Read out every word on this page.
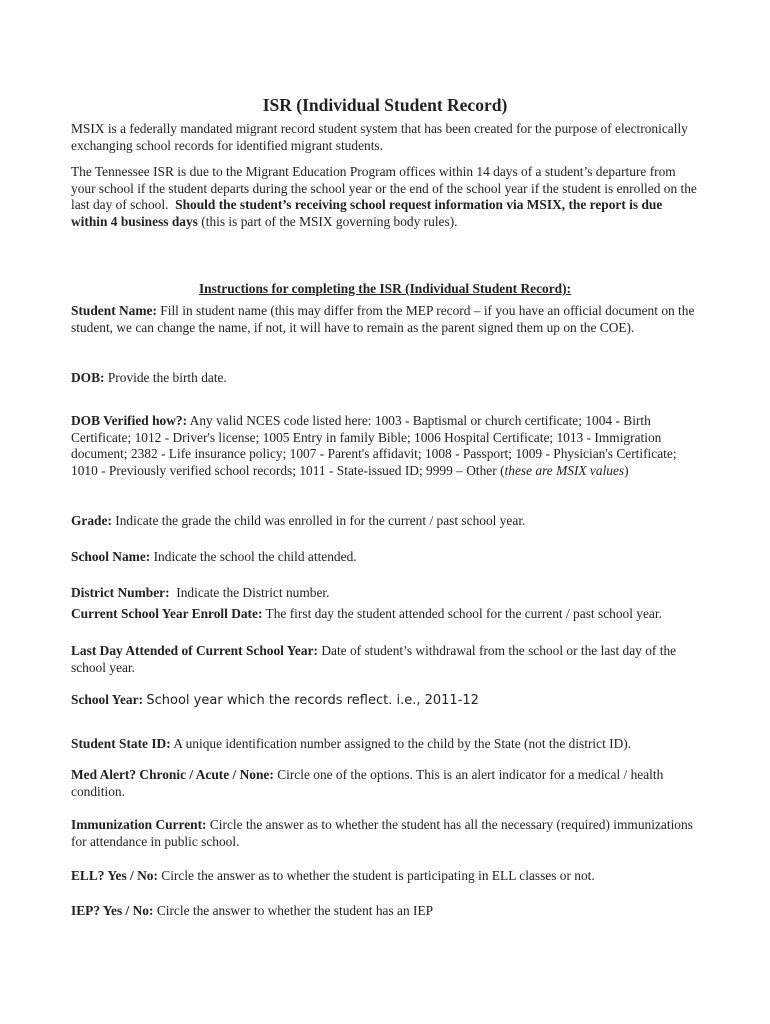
ISR (Individual Student Record)

MSIX is a federally mandated migrant record student system that has been created for the purpose of electronically exchanging school records for identified migrant students.

The Tennessee ISR is due to the Migrant Education Program offices within 14 days of a student’s departure from your school if the student departs during the school year or the end of the school year if the student is enrolled on the last day of school. Should the student’s receiving school request information via MSIX, the report is due within 4 business days (this is part of the MSIX governing body rules).

Instructions for completing the ISR (Individual Student Record):

Student Name: Fill in student name (this may differ from the MEP record – if you have an official document on the student, we can change the name, if not, it will have to remain as the parent signed them up on the COE).

DOB: Provide the birth date.

DOB Verified how?: Any valid NCES code listed here: 1003 - Baptismal or church certificate; 1004 - Birth Certificate; 1012 - Driver's license; 1005 Entry in family Bible; 1006 Hospital Certificate; 1013 - Immigration document; 2382 - Life insurance policy; 1007 - Parent's affidavit; 1008 - Passport; 1009 - Physician's Certificate; 1010 - Previously verified school records; 1011 - State-issued ID; 9999 – Other (these are MSIX values)

Grade: Indicate the grade the child was enrolled in for the current / past school year.

School Name: Indicate the school the child attended.

District Number: Indicate the District number.

Current School Year Enroll Date: The first day the student attended school for the current / past school year.

Last Day Attended of Current School Year: Date of student’s withdrawal from the school or the last day of the school year.

School Year: School year which the records reflect. i.e., 2011-12

Student State ID: A unique identification number assigned to the child by the State (not the district ID).

Med Alert? Chronic / Acute / None: Circle one of the options. This is an alert indicator for a medical / health condition.

Immunization Current: Circle the answer as to whether the student has all the necessary (required) immunizations for attendance in public school.

ELL? Yes / No: Circle the answer as to whether the student is participating in ELL classes or not.

IEP? Yes / No: Circle the answer to whether the student has an IEP
